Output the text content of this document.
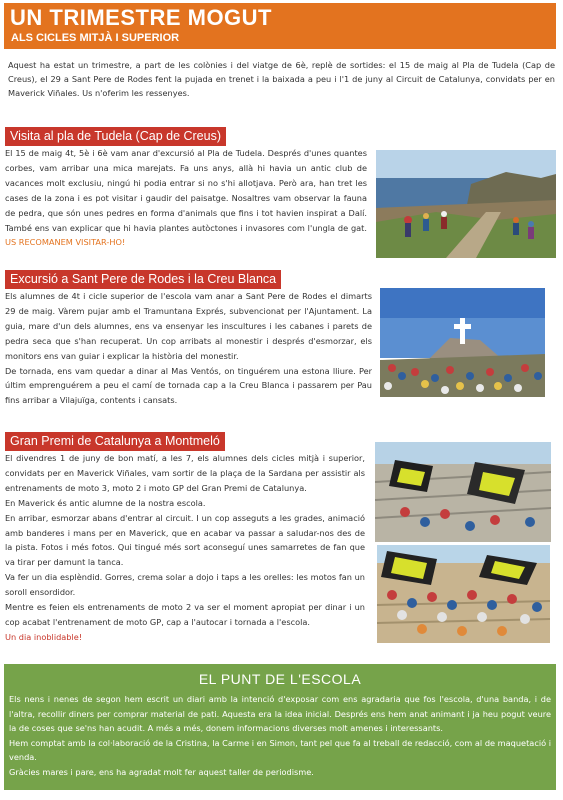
UN TRIMESTRE MOGUT
ALS CICLES MITJÀ I SUPERIOR
Aquest ha estat un trimestre, a part de les colònies i del viatge de 6è, replè de sortides: el 15 de maig al Pla de Tudela (Cap de Creus), el 29 a Sant Pere de Rodes fent la pujada en trenet i la baixada a peu i l'1 de juny al Circuit de Catalunya, convidats per en Maverick Viñales. Us n'oferim les ressenyes.
Visita al pla de Tudela (Cap de Creus)

El 15 de maig 4t, 5è i 6è vam anar d'excursió al Pla de Tudela. Després d'unes quantes corbes, vam arribar una mica marejats. Fa uns anys, allà hi havia un antic club de vacances molt exclusiu, ningú hi podia entrar si no s'hi allotjava. Però ara, han tret les cases de la zona i es pot visitar i gaudir del paisatge. Nosaltres vam observar la fauna de pedra, que són unes pedres en forma d'animals que fins i tot havien inspirat a Dalí. També ens van explicar que hi havia plantes autòctones i invasores com l'ungla de gat. US RECOMANEM VISITAR-HO!

Excursió a Sant Pere de Rodes i la Creu Blanca

Els alumnes de 4t i cicle superior de l'escola vam anar a Sant Pere de Rodes el dimarts 29 de maig. Vàrem pujar amb el Tramuntana Exprés, subvencionat per l'Ajuntament. La guia, mare d'un dels alumnes, ens va ensenyar les inscultures i les cabanes i parets de pedra seca que s'han recuperat. Un cop arribats al monestir i després d'esmorzar, els monitors ens van guiar i explicar la història del monestir.

De tornada, ens vam quedar a dinar al Mas Ventós, on tinguérem una estona lliure. Per últim emprenguérem a peu el camí de tornada cap a la Creu Blanca i passarem per Pau fins arribar a Vilajuïga, contents i cansats.

Gran Premi de Catalunya a Montmeló

El divendres 1 de juny de bon matí, a les 7, els alumnes dels cicles mitjà i superior, convidats per en Maverick Viñales, vam sortir de la plaça de la Sardana per assistir als entrenaments de moto 3, moto 2 i moto GP del Gran Premi de Catalunya.

En Maverick és antic alumne de la nostra escola.

En arribar, esmorzar abans d'entrar al circuit. I un cop asseguts a les grades, animació amb banderes i mans per en Maverick, que en acabar va passar a saludar-nos des de la pista. Fotos i més fotos. Qui tingué més sort aconseguí unes samarretes de fan que va tirar per damunt la tanca.

Va fer un dia esplèndid. Gorres, crema solar a dojo i taps a les orelles: les motos fan un soroll ensordidor.

Mentre es feien els entrenaments de moto 2 va ser el moment apropiat per dinar i un cop acabat l'entrenament de moto GP, cap a l'autocar i tornada a l'escola.

Un dia inoblidable!

EL PUNT DE L'ESCOLA

Els nens i nenes de segon hem escrit un diari amb la intenció d'exposar com ens agradaria que fos l'escola, d'una banda, i de l'altra, recollir diners per comprar material de pati. Aquesta era la idea inicial. Després ens hem anat animant i ja heu pogut veure la de coses que se'ns han acudit. A més a més, donem informacions diverses molt amenes i interessants.

Hem comptat amb la col·laboració de la Cristina, la Carme i en Simon, tant pel que fa al treball de redacció, com al de maquetació i venda.

Gràcies mares i pare, ens ha agradat molt fer aquest taller de periodisme.
